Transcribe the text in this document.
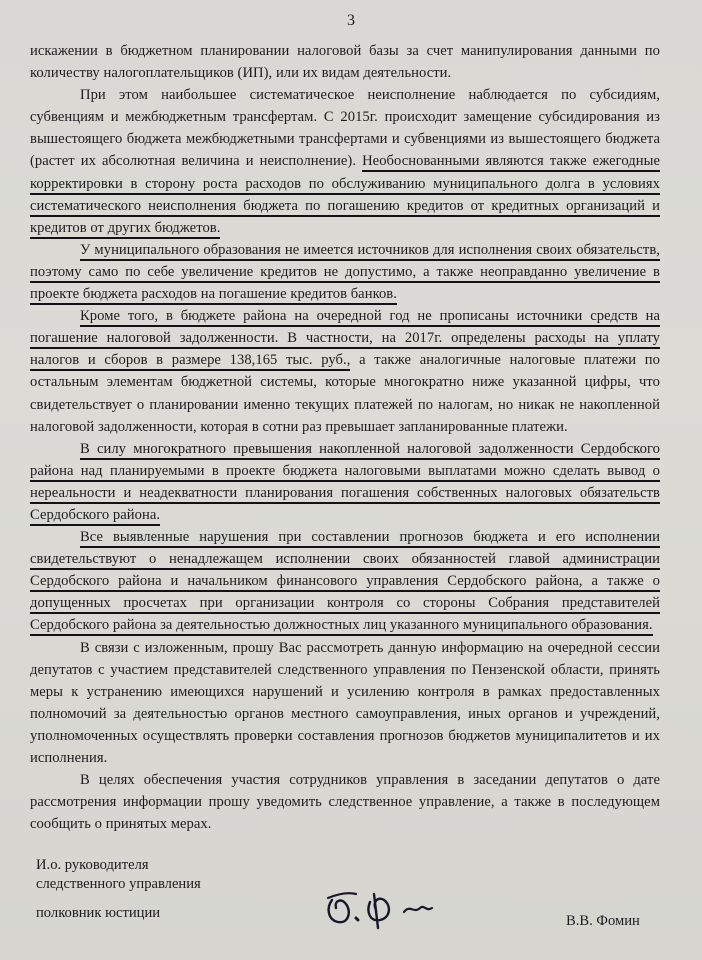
3

искажении в бюджетном планировании налоговой базы за счет манипулирования данными по количеству налогоплательщиков (ИП), или их видам деятельности.

При этом наибольшее систематическое неисполнение наблюдается по субсидиям, субвенциям и межбюджетным трансфертам. С 2015г. происходит замещение субсидирования из вышестоящего бюджета межбюджетными трансфертами и субвенциями из вышестоящего бюджета (растет их абсолютная величина и неисполнение). Необоснованными являются также ежегодные корректировки в сторону роста расходов по обслуживанию муниципального долга в условиях систематического неисполнения бюджета по погашению кредитов от кредитных организаций и кредитов от других бюджетов.

У муниципального образования не имеется источников для исполнения своих обязательств, поэтому само по себе увеличение кредитов не допустимо, а также неоправданно увеличение в проекте бюджета расходов на погашение кредитов банков.

Кроме того, в бюджете района на очередной год не прописаны источники средств на погашение налоговой задолженности. В частности, на 2017г. определены расходы на уплату налогов и сборов в размере 138,165 тыс. руб., а также аналогичные налоговые платежи по остальным элементам бюджетной системы, которые многократно ниже указанной цифры, что свидетельствует о планировании именно текущих платежей по налогам, но никак не накопленной налоговой задолженности, которая в сотни раз превышает запланированные платежи.

В силу многократного превышения накопленной налоговой задолженности Сердобского района над планируемыми в проекте бюджета налоговыми выплатами можно сделать вывод о нереальности и неадекватности планирования погашения собственных налоговых обязательств Сердобского района.

Все выявленные нарушения при составлении прогнозов бюджета и его исполнении свидетельствуют о ненадлежащем исполнении своих обязанностей главой администрации Сердобского района и начальником финансового управления Сердобского района, а также о допущенных просчетах при организации контроля со стороны Собрания представителей Сердобского района за деятельностью должностных лиц указанного муниципального образования.

В связи с изложенным, прошу Вас рассмотреть данную информацию на очередной сессии депутатов с участием представителей следственного управления по Пензенской области, принять меры к устранению имеющихся нарушений и усилению контроля в рамках предоставленных полномочий за деятельностью органов местного самоуправления, иных органов и учреждений, уполномоченных осуществлять проверки составления прогнозов бюджетов муниципалитетов и их исполнения.

В целях обеспечения участия сотрудников управления в заседании депутатов о дате рассмотрения информации прошу уведомить следственное управление, а также в последующем сообщить о принятых мерах.

И.о. руководителя
следственного управления
полковник юстиции	В.В. Фомин
